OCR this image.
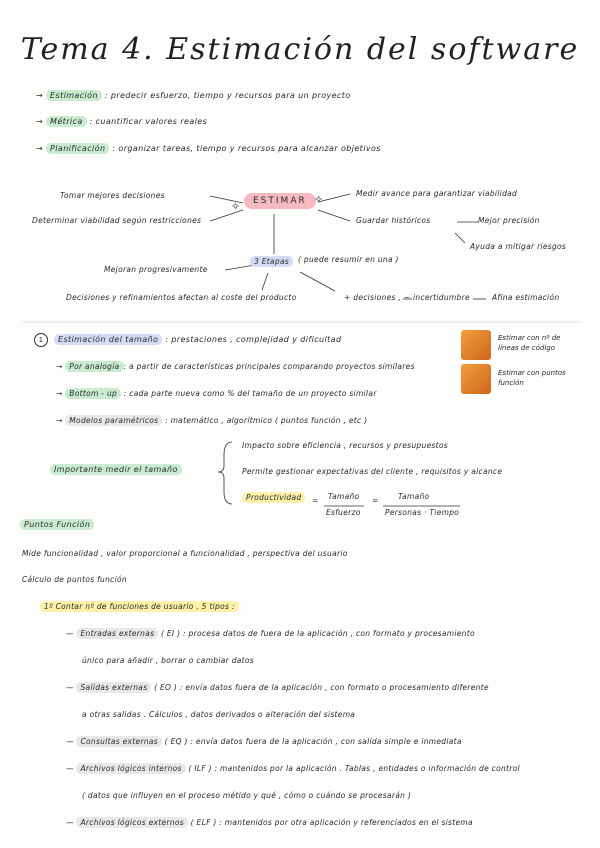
Tema 4. Estimación del software
→ Estimación : predecir esfuerzo, tiempo y recursos para un proyecto
→ Métrica : cuantificar valores reales
→ Planificación : organizar tareas, tiempo y recursos para alcanzar objetivos
Tomar mejores decisiones
Determinar viabilidad según restricciones
ESTIMAR
✧
✧	Medir avance para garantizar viabilidad
Guardar históricos	Mejor precisión
Ayuda a mitigar riesgos
3 Etapas	( puede resumir en una )
Mejoran progresivamente
Decisiones y refinamientos afectan al coste del producto	+ decisiones , − incertidumbre	Afina estimación
1 Estimación del tamaño : prestaciones , complejidad y dificultad
→ Por analogía : a partir de características principales comparando proyectos similares
→ Bottom - up : cada parte nueva como % del tamaño de un proyecto similar
→ Modelos paramétricos : matemático , algorítmico ( puntos función , etc )
Estimar con nº de líneas de código
Estimar con puntos función
Importante medir el tamaño
Impacto sobre eficiencia , recursos y presupuestos
Permite gestionar expectativas del cliente , requisitos y alcance
Productividad	= Tamaño
Esfuerzo
=	Tamaño
Personas · Tiempo
Puntos Función
Mide funcionalidad , valor proporcional a funcionalidad , perspectiva del usuario
Cálculo de puntos función
1º Contar nº de funciones de usuario . 5 tipos :
— Entradas externas ( EI ) : procesa datos de fuera de la aplicación , con formato y procesamiento
único para añadir , borrar o cambiar datos
— Salidas externas ( EO ) : envía datos fuera de la aplicación , con formato o procesamiento diferente
a otras salidas . Cálculos , datos derivados o alteración del sistema
— Consultas externas ( EQ ) : envía datos fuera de la aplicación , con salida simple e inmediata
— Archivos lógicos internos ( ILF ) : mantenidos por la aplicación . Tablas , entidades o información de control
( datos que influyen en el proceso métido y qué , cómo o cuándo se procesarán )
— Archivos lógicos externos ( ELF ) : mantenidos por otra aplicación y referenciados en el sistema
